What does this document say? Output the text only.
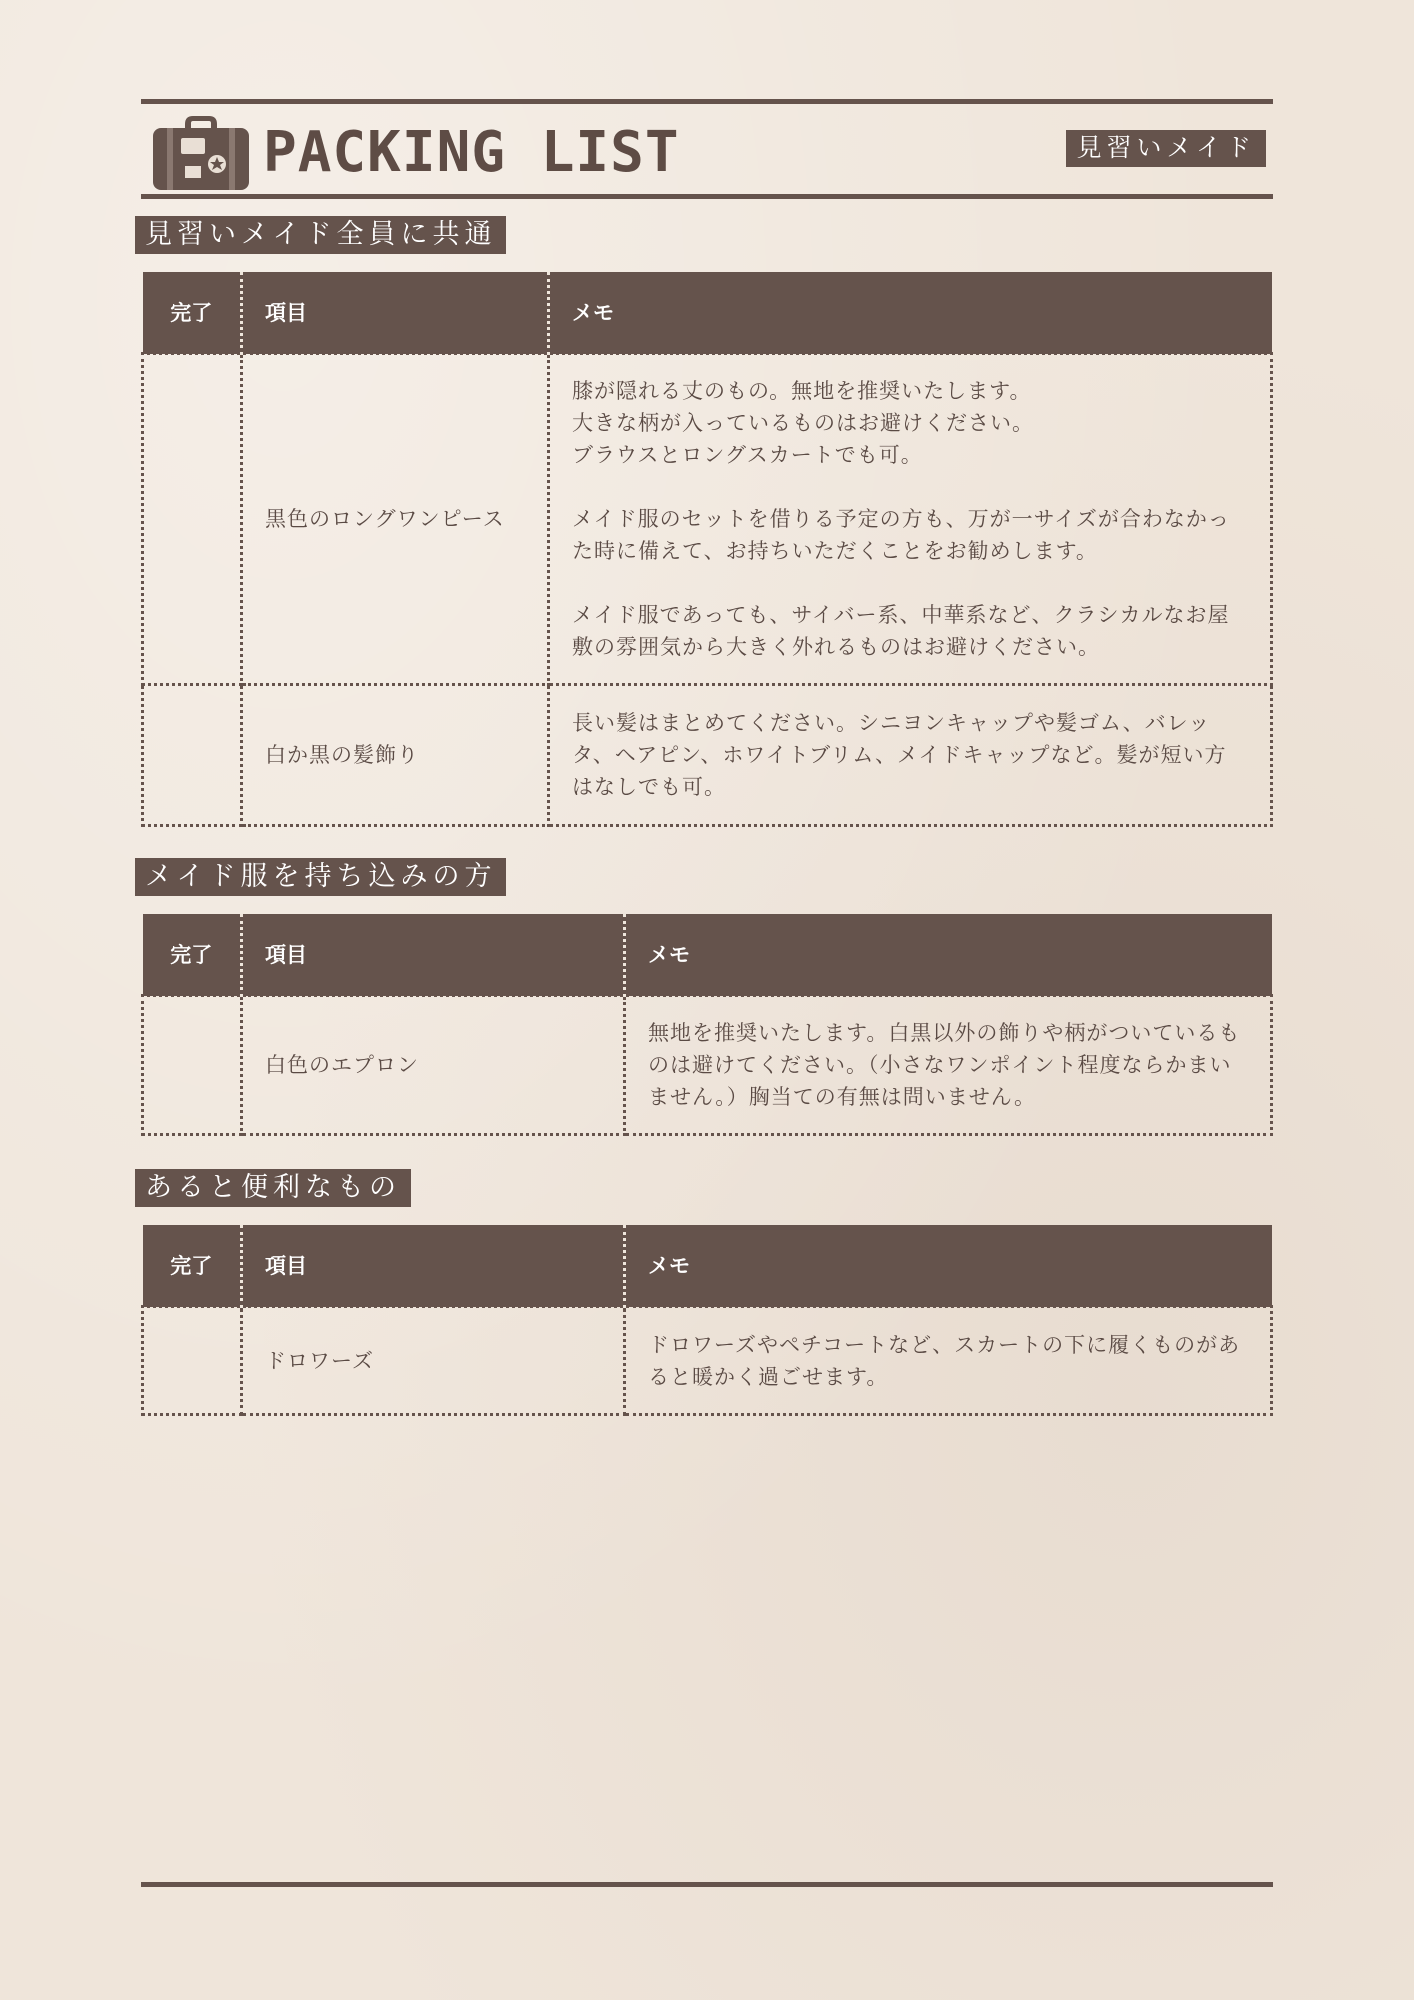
PACKING LIST	見習いメイド
見習いメイド全員に共通
完了	項目	メモ
	黒色のロングワンピース	膝が隠れる丈のもの。無地を推奨いたします。
大きな柄が入っているものはお避けください。
ブラウスとロングスカートでも可。

メイド服のセットを借りる予定の方も、万が一サイズが合わなかった時に備えて、お持ちいただくことをお勧めします。

メイド服であっても、サイバー系、中華系など、クラシカルなお屋敷の雰囲気から大きく外れるものはお避けください。

	白か黒の髪飾り	長い髪はまとめてください。シニヨンキャップや髪ゴム、バレッタ、ヘアピン、ホワイトブリム、メイドキャップなど。髪が短い方はなしでも可。

メイド服を持ち込みの方
完了	項目	メモ
	白色のエプロン	無地を推奨いたします。白黒以外の飾りや柄がついているものは避けてください。（小さなワンポイント程度ならかまいません。）胸当ての有無は問いません。

あると便利なもの
完了	項目	メモ
	ドロワーズ	ドロワーズやペチコートなど、スカートの下に履くものがあると暖かく過ごせます。
